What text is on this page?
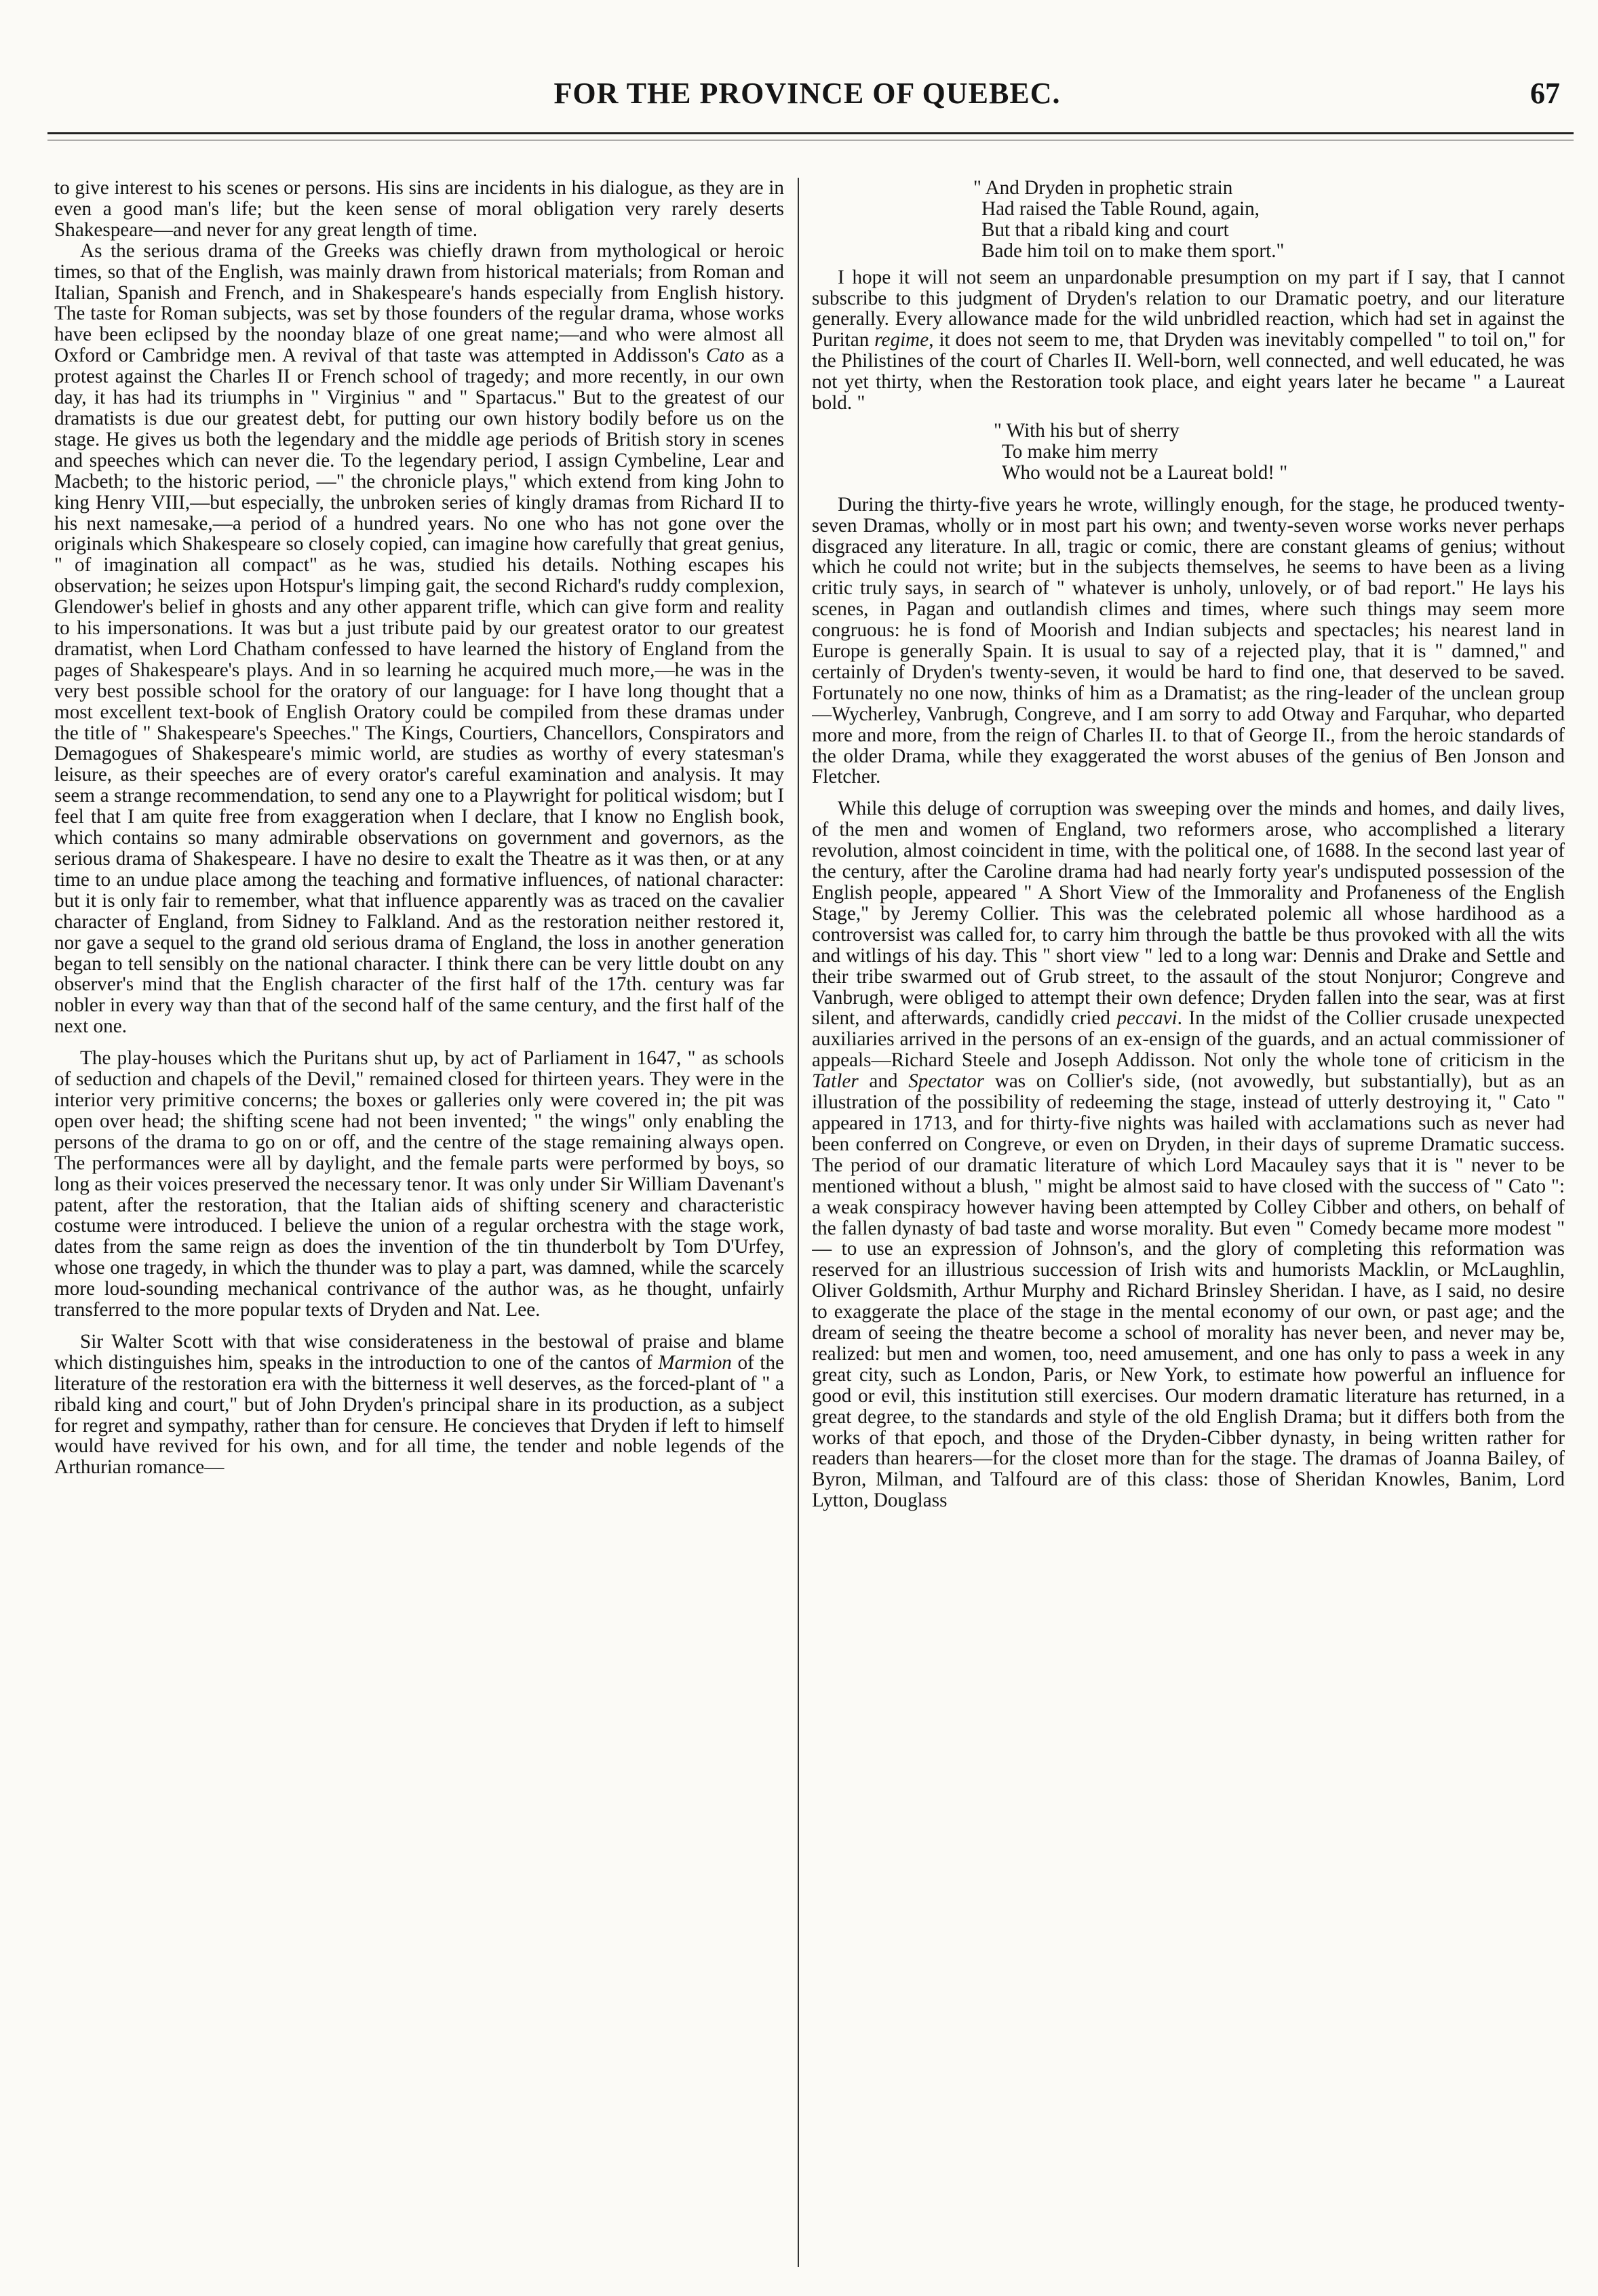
FOR THE PROVINCE OF QUEBEC.	67

to give interest to his scenes or persons. His sins are incidents in his dialogue, as they are in even a good man's life; but the keen sense of moral obligation very rarely deserts Shakespeare—and never for any great length of time.

As the serious drama of the Greeks was chiefly drawn from mythological or heroic times, so that of the English, was mainly drawn from historical materials; from Roman and Italian, Spanish and French, and in Shakespeare's hands especially from English history. The taste for Roman subjects, was set by those founders of the regular drama, whose works have been eclipsed by the noonday blaze of one great name;—and who were almost all Oxford or Cambridge men. A revival of that taste was attempted in Addisson's Cato as a protest against the Charles II or French school of tragedy; and more recently, in our own day, it has had its triumphs in " Virginius " and " Spartacus." But to the greatest of our dramatists is due our greatest debt, for putting our own history bodily before us on the stage. He gives us both the legendary and the middle age periods of British story in scenes and speeches which can never die. To the legendary period, I assign Cymbeline, Lear and Macbeth; to the historic period, —" the chronicle plays," which extend from king John to king Henry VIII,—but especially, the unbroken series of kingly dramas from Richard II to his next namesake,—a period of a hundred years. No one who has not gone over the originals which Shakespeare so closely copied, can imagine how carefully that great genius, " of imagination all compact" as he was, studied his details. Nothing escapes his observation; he seizes upon Hotspur's limping gait, the second Richard's ruddy complexion, Glendower's belief in ghosts and any other apparent trifle, which can give form and reality to his impersonations. It was but a just tribute paid by our greatest orator to our greatest dramatist, when Lord Chatham confessed to have learned the history of England from the pages of Shakespeare's plays. And in so learning he acquired much more,—he was in the very best possible school for the oratory of our language: for I have long thought that a most excellent text-book of English Oratory could be compiled from these dramas under the title of " Shakespeare's Speeches." The Kings, Courtiers, Chancellors, Conspirators and Demagogues of Shakespeare's mimic world, are studies as worthy of every statesman's leisure, as their speeches are of every orator's careful examination and analysis. It may seem a strange recommendation, to send any one to a Playwright for political wisdom; but I feel that I am quite free from exaggeration when I declare, that I know no English book, which contains so many admirable observations on government and governors, as the serious drama of Shakespeare. I have no desire to exalt the Theatre as it was then, or at any time to an undue place among the teaching and formative influences, of national character: but it is only fair to remember, what that influence apparently was as traced on the cavalier character of England, from Sidney to Falkland. And as the restoration neither restored it, nor gave a sequel to the grand old serious drama of England, the loss in another generation began to tell sensibly on the national character. I think there can be very little doubt on any observer's mind that the English character of the first half of the 17th. century was far nobler in every way than that of the second half of the same century, and the first half of the next one.

The play-houses which the Puritans shut up, by act of Parliament in 1647, " as schools of seduction and chapels of the Devil," remained closed for thirteen years. They were in the interior very primitive concerns; the boxes or galleries only were covered in; the pit was open over head; the shifting scene had not been invented; " the wings" only enabling the persons of the drama to go on or off, and the centre of the stage remaining always open. The performances were all by daylight, and the female parts were performed by boys, so long as their voices preserved the necessary tenor. It was only under Sir William Davenant's patent, after the restoration, that the Italian aids of shifting scenery and characteristic costume were introduced. I believe the union of a regular orchestra with the stage work, dates from the same reign as does the invention of the tin thunderbolt by Tom D'Urfey, whose one tragedy, in which the thunder was to play a part, was damned, while the scarcely more loud-sounding mechanical contrivance of the author was, as he thought, unfairly transferred to the more popular texts of Dryden and Nat. Lee.

Sir Walter Scott with that wise considerateness in the bestowal of praise and blame which distinguishes him, speaks in the introduction to one of the cantos of Marmion of the literature of the restoration era with the bitterness it well deserves, as the forced-plant of " a ribald king and court," but of John Dryden's principal share in its production, as a subject for regret and sympathy, rather than for censure. He concieves that Dryden if left to himself would have revived for his own, and for all time, the tender and noble legends of the Arthurian romance—

" And Dryden in prophetic strain
Had raised the Table Round, again,
But that a ribald king and court
Bade him toil on to make them sport."

I hope it will not seem an unpardonable presumption on my part if I say, that I cannot subscribe to this judgment of Dryden's relation to our Dramatic poetry, and our literature generally. Every allowance made for the wild unbridled reaction, which had set in against the Puritan regime, it does not seem to me, that Dryden was inevitably compelled " to toil on," for the Philistines of the court of Charles II. Well-born, well connected, and well educated, he was not yet thirty, when the Restoration took place, and eight years later he became " a Laureat bold. "

" With his but of sherry
To make him merry
Who would not be a Laureat bold! "

During the thirty-five years he wrote, willingly enough, for the stage, he produced twenty-seven Dramas, wholly or in most part his own; and twenty-seven worse works never perhaps disgraced any literature. In all, tragic or comic, there are constant gleams of genius; without which he could not write; but in the subjects themselves, he seems to have been as a living critic truly says, in search of " whatever is unholy, unlovely, or of bad report." He lays his scenes, in Pagan and outlandish climes and times, where such things may seem more congruous: he is fond of Moorish and Indian subjects and spectacles; his nearest land in Europe is generally Spain. It is usual to say of a rejected play, that it is " damned," and certainly of Dryden's twenty-seven, it would be hard to find one, that deserved to be saved. Fortunately no one now, thinks of him as a Dramatist; as the ring-leader of the unclean group—Wycherley, Vanbrugh, Congreve, and I am sorry to add Otway and Farquhar, who departed more and more, from the reign of Charles II. to that of George II., from the heroic standards of the older Drama, while they exaggerated the worst abuses of the genius of Ben Jonson and Fletcher.

While this deluge of corruption was sweeping over the minds and homes, and daily lives, of the men and women of England, two reformers arose, who accomplished a literary revolution, almost coincident in time, with the political one, of 1688. In the second last year of the century, after the Caroline drama had had nearly forty year's undisputed possession of the English people, appeared " A Short View of the Immorality and Profaneness of the English Stage," by Jeremy Collier. This was the celebrated polemic all whose hardihood as a controversist was called for, to carry him through the battle be thus provoked with all the wits and witlings of his day. This " short view " led to a long war: Dennis and Drake and Settle and their tribe swarmed out of Grub street, to the assault of the stout Nonjuror; Congreve and Vanbrugh, were obliged to attempt their own defence; Dryden fallen into the sear, was at first silent, and afterwards, candidly cried peccavi. In the midst of the Collier crusade unexpected auxiliaries arrived in the persons of an ex-ensign of the guards, and an actual commissioner of appeals—Richard Steele and Joseph Addisson. Not only the whole tone of criticism in the Tatler and Spectator was on Collier's side, (not avowedly, but substantially), but as an illustration of the possibility of redeeming the stage, instead of utterly destroying it, " Cato " appeared in 1713, and for thirty-five nights was hailed with acclamations such as never had been conferred on Congreve, or even on Dryden, in their days of supreme Dramatic success. The period of our dramatic literature of which Lord Macauley says that it is " never to be mentioned without a blush, " might be almost said to have closed with the success of " Cato ": a weak conspiracy however having been attempted by Colley Cibber and others, on behalf of the fallen dynasty of bad taste and worse morality. But even " Comedy became more modest " — to use an expression of Johnson's, and the glory of completing this reformation was reserved for an illustrious succession of Irish wits and humorists Macklin, or McLaughlin, Oliver Goldsmith, Arthur Murphy and Richard Brinsley Sheridan. I have, as I said, no desire to exaggerate the place of the stage in the mental economy of our own, or past age; and the dream of seeing the theatre become a school of morality has never been, and never may be, realized: but men and women, too, need amusement, and one has only to pass a week in any great city, such as London, Paris, or New York, to estimate how powerful an influence for good or evil, this institution still exercises. Our modern dramatic literature has returned, in a great degree, to the standards and style of the old English Drama; but it differs both from the works of that epoch, and those of the Dryden-Cibber dynasty, in being written rather for readers than hearers—for the closet more than for the stage. The dramas of Joanna Bailey, of Byron, Milman, and Talfourd are of this class: those of Sheridan Knowles, Banim, Lord Lytton, Douglass
